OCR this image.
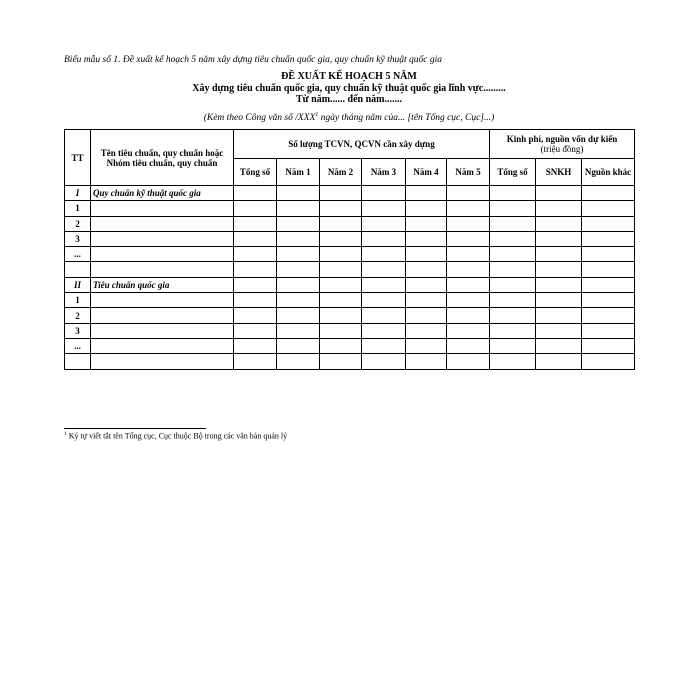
Biểu mẫu số 1. Đề xuất kế hoạch 5 năm xây dựng tiêu chuẩn quốc gia, quy chuẩn kỹ thuật quốc gia
ĐỀ XUẤT KẾ HOẠCH 5 NĂM
Xây dựng tiêu chuẩn quốc gia, quy chuẩn kỹ thuật quốc gia lĩnh vực.........
Từ năm...... đến năm.......
(Kèm theo Công văn số /XXX$^1$ ngày tháng năm của... [tên Tổng cục, Cục]...)
TT	Tên tiêu chuẩn, quy chuẩn hoặc Nhóm tiêu chuẩn, quy chuẩn	Số lượng TCVN, QCVN cần xây dựng						Kinh phí, nguồn vốn dự kiến
(triệu đồng)		
		Tổng số	Năm 1	Năm 2	Năm 3	Năm 4	Năm 5	Tổng số	SNKH	Nguồn khác
I	Quy chuẩn kỹ thuật quốc gia									
1										
2										
3										
...										

II	Tiêu chuẩn quốc gia									
1										
2										
3										
...										

$^1$ Ký tự viết tắt tên Tổng cục, Cục thuộc Bộ trong các văn bản quản lý
